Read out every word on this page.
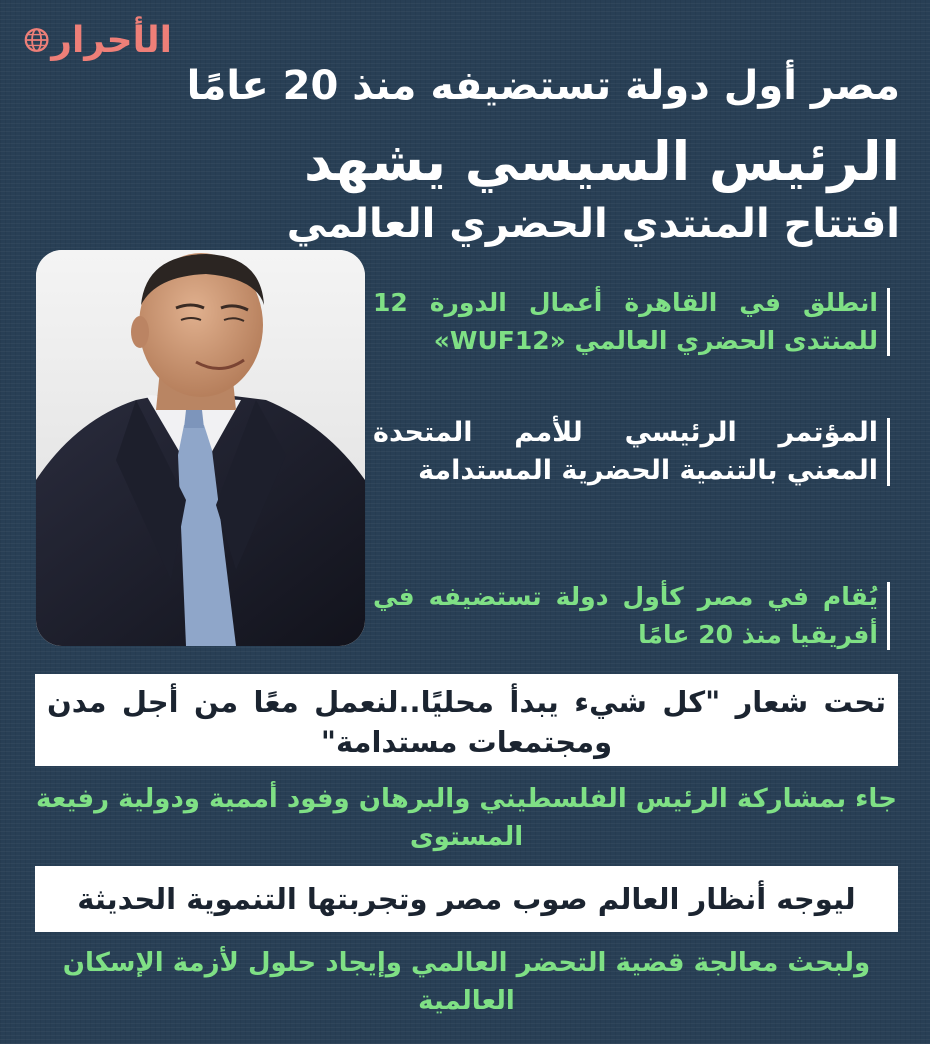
الأحرار
مصر أول دولة تستضيفه منذ 20 عامًا
الرئيس السيسي يشهد
افتتاح المنتدي الحضري العالمي
انطلق في القاهرة أعمال الدورة 12 للمنتدى الحضري العالمي «WUF12»
المؤتمر الرئيسي للأمم المتحدة المعني بالتنمية الحضرية المستدامة
يُقام في مصر كأول دولة تستضيفه في أفريقيا منذ 20 عامًا
تحت شعار "كل شيء يبدأ محليًا..لنعمل معًا من أجل مدن ومجتمعات مستدامة"
جاء بمشاركة الرئيس الفلسطيني والبرهان وفود أممية ودولية رفيعة المستوى
ليوجه أنظار العالم صوب مصر وتجربتها التنموية الحديثة
ولبحث معالجة قضية التحضر العالمي وإيجاد حلول لأزمة الإسكان العالمية
